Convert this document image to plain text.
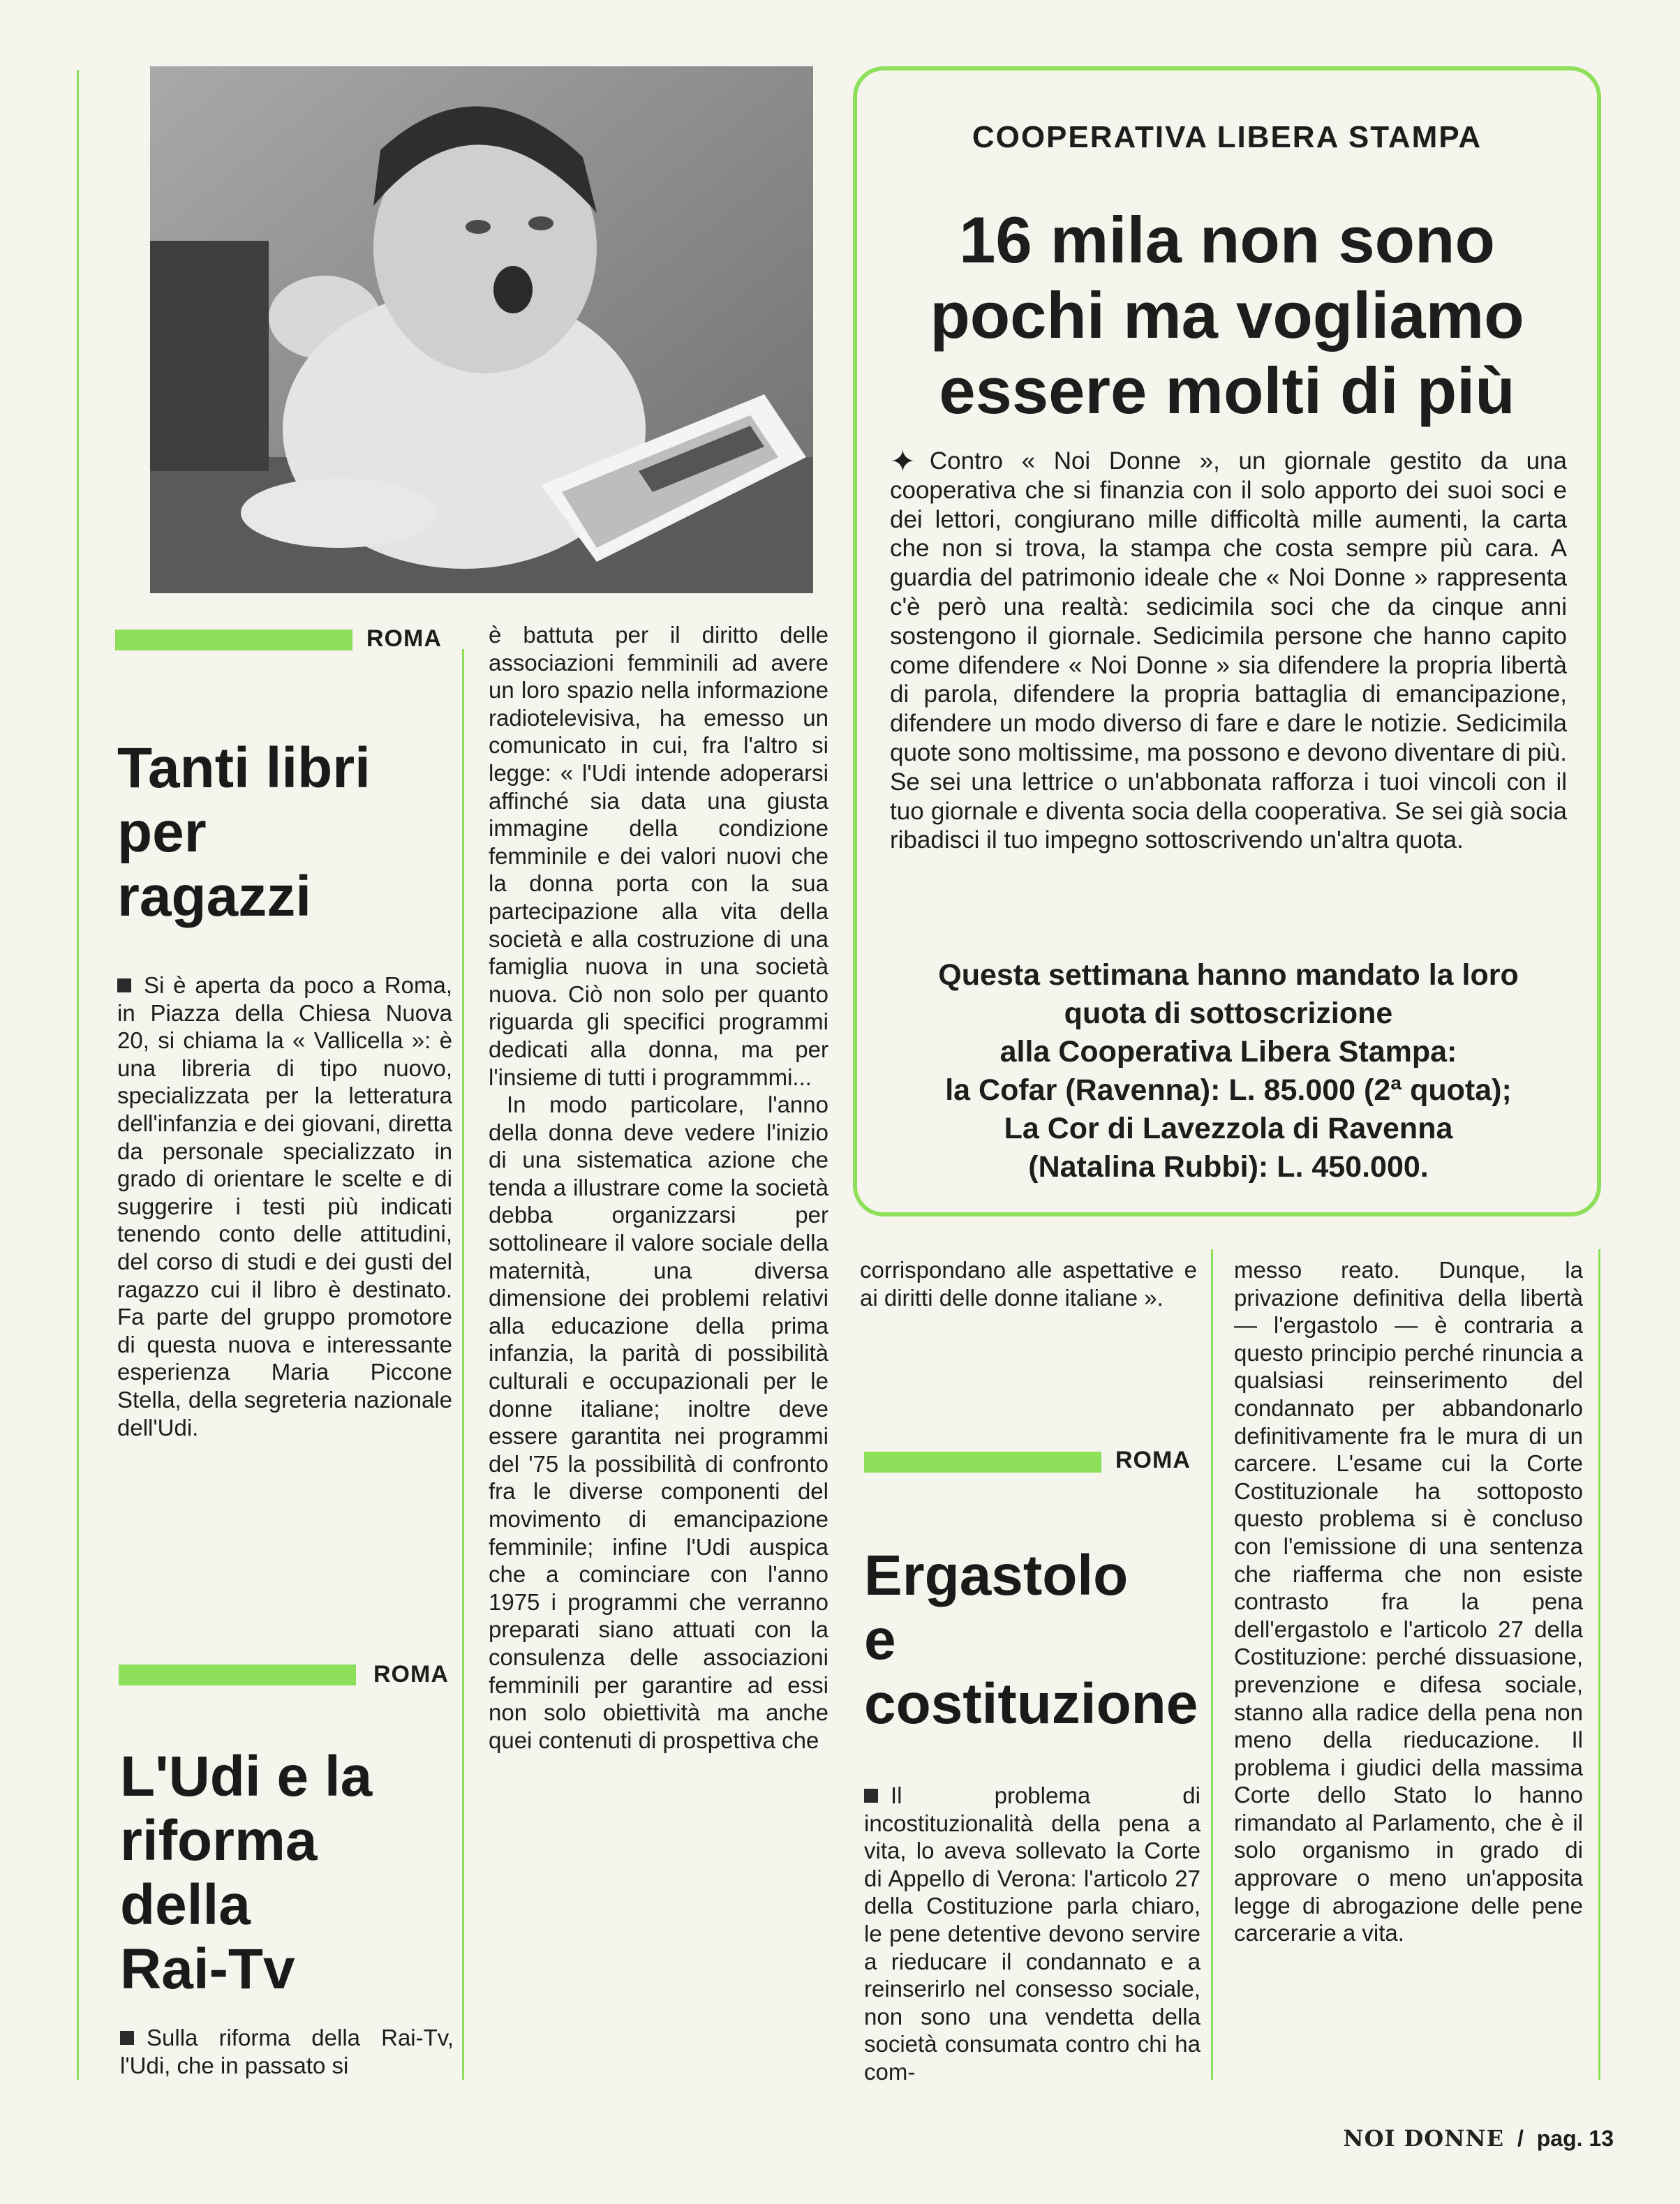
ROMA
Tanti libri
per
ragazzi

Si è aperta da poco a Roma, in Piazza della Chiesa Nuova 20, si chiama la « Vallicella »: è una libreria di tipo nuovo, specializzata per la letteratura dell'infanzia e dei giovani, diretta da personale specializzato in grado di orientare le scelte e di suggerire i testi più indicati tenendo conto delle attitudini, del corso di studi e dei gusti del ragazzo cui il libro è destinato. Fa parte del gruppo promotore di questa nuova e interessante esperienza Maria Piccone Stella, della segreteria nazionale dell'Udi.

ROMA
L'Udi e la
riforma
della
Rai-Tv

Sulla riforma della Rai-Tv, l'Udi, che in passato si

è battuta per il diritto delle associazioni femminili ad avere un loro spazio nella informazione radiotelevisiva, ha emesso un comunicato in cui, fra l'altro si legge: « l'Udi intende adoperarsi affinché sia data una giusta immagine della condizione femminile e dei valori nuovi che la donna porta con la sua partecipazione alla vita della società e alla costruzione di una famiglia nuova in una società nuova. Ciò non solo per quanto riguarda gli specifici programmi dedicati alla donna, ma per l'insieme di tutti i programmmi...

In modo particolare, l'anno della donna deve vedere l'inizio di una sistematica azione che tenda a illustrare come la società debba organizzarsi per sottolineare il valore sociale della maternità, una diversa dimensione dei problemi relativi alla educazione della prima infanzia, la parità di possibilità culturali e occupazionali per le donne italiane; inoltre deve essere garantita nei programmi del '75 la possibilità di confronto fra le diverse componenti del movimento di emancipazione femminile; infine l'Udi auspica che a cominciare con l'anno 1975 i programmi che verranno preparati siano attuati con la consulenza delle associazioni femminili per garantire ad essi non solo obiettività ma anche quei contenuti di prospettiva che

corrispondano alle aspettative e ai diritti delle donne italiane ».

COOPERATIVA LIBERA STAMPA
16 mila non sono
pochi ma vogliamo
essere molti di più

✦ Contro « Noi Donne », un giornale gestito da una cooperativa che si finanzia con il solo apporto dei suoi soci e dei lettori, congiurano mille difficoltà mille aumenti, la carta che non si trova, la stampa che costa sempre più cara. A guardia del patrimonio ideale che « Noi Donne » rappresenta c'è però una realtà: sedicimila soci che da cinque anni sostengono il giornale. Sedicimila persone che hanno capito come difendere « Noi Donne » sia difendere la propria libertà di parola, difendere la propria battaglia di emancipazione, difendere un modo diverso di fare e dare le notizie. Sedicimila quote sono moltissime, ma possono e devono diventare di più. Se sei una lettrice o un'abbonata rafforza i tuoi vincoli con il tuo giornale e diventa socia della cooperativa. Se sei già socia ribadisci il tuo impegno sottoscrivendo un'altra quota.

Questa settimana hanno mandato la loro
quota di sottoscrizione
alla Cooperativa Libera Stampa:
la Cofar (Ravenna): L. 85.000 (2ª quota);
La Cor di Lavezzola di Ravenna
(Natalina Rubbi): L. 450.000.
ROMA
Ergastolo
e
costituzione

Il problema di incostituzionalità della pena a vita, lo aveva sollevato la Corte di Appello di Verona: l'articolo 27 della Costituzione parla chiaro, le pene detentive devono servire a rieducare il condannato e a reinserirlo nel consesso sociale, non sono una vendetta della società consumata contro chi ha com-

messo reato. Dunque, la privazione definitiva della libertà — l'ergastolo — è contraria a questo principio perché rinuncia a qualsiasi reinserimento del condannato per abbandonarlo definitivamente fra le mura di un carcere. L'esame cui la Corte Costituzionale ha sottoposto questo problema si è concluso con l'emissione di una sentenza che riafferma che non esiste contrasto fra la pena dell'ergastolo e l'articolo 27 della Costituzione: perché dissuasione, prevenzione e difesa sociale, stanno alla radice della pena non meno della rieducazione. Il problema i giudici della massima Corte dello Stato lo hanno rimandato al Parlamento, che è il solo organismo in grado di approvare o meno un'apposita legge di abrogazione delle pene carcerarie a vita.

NOI DONNE / pag. 13
